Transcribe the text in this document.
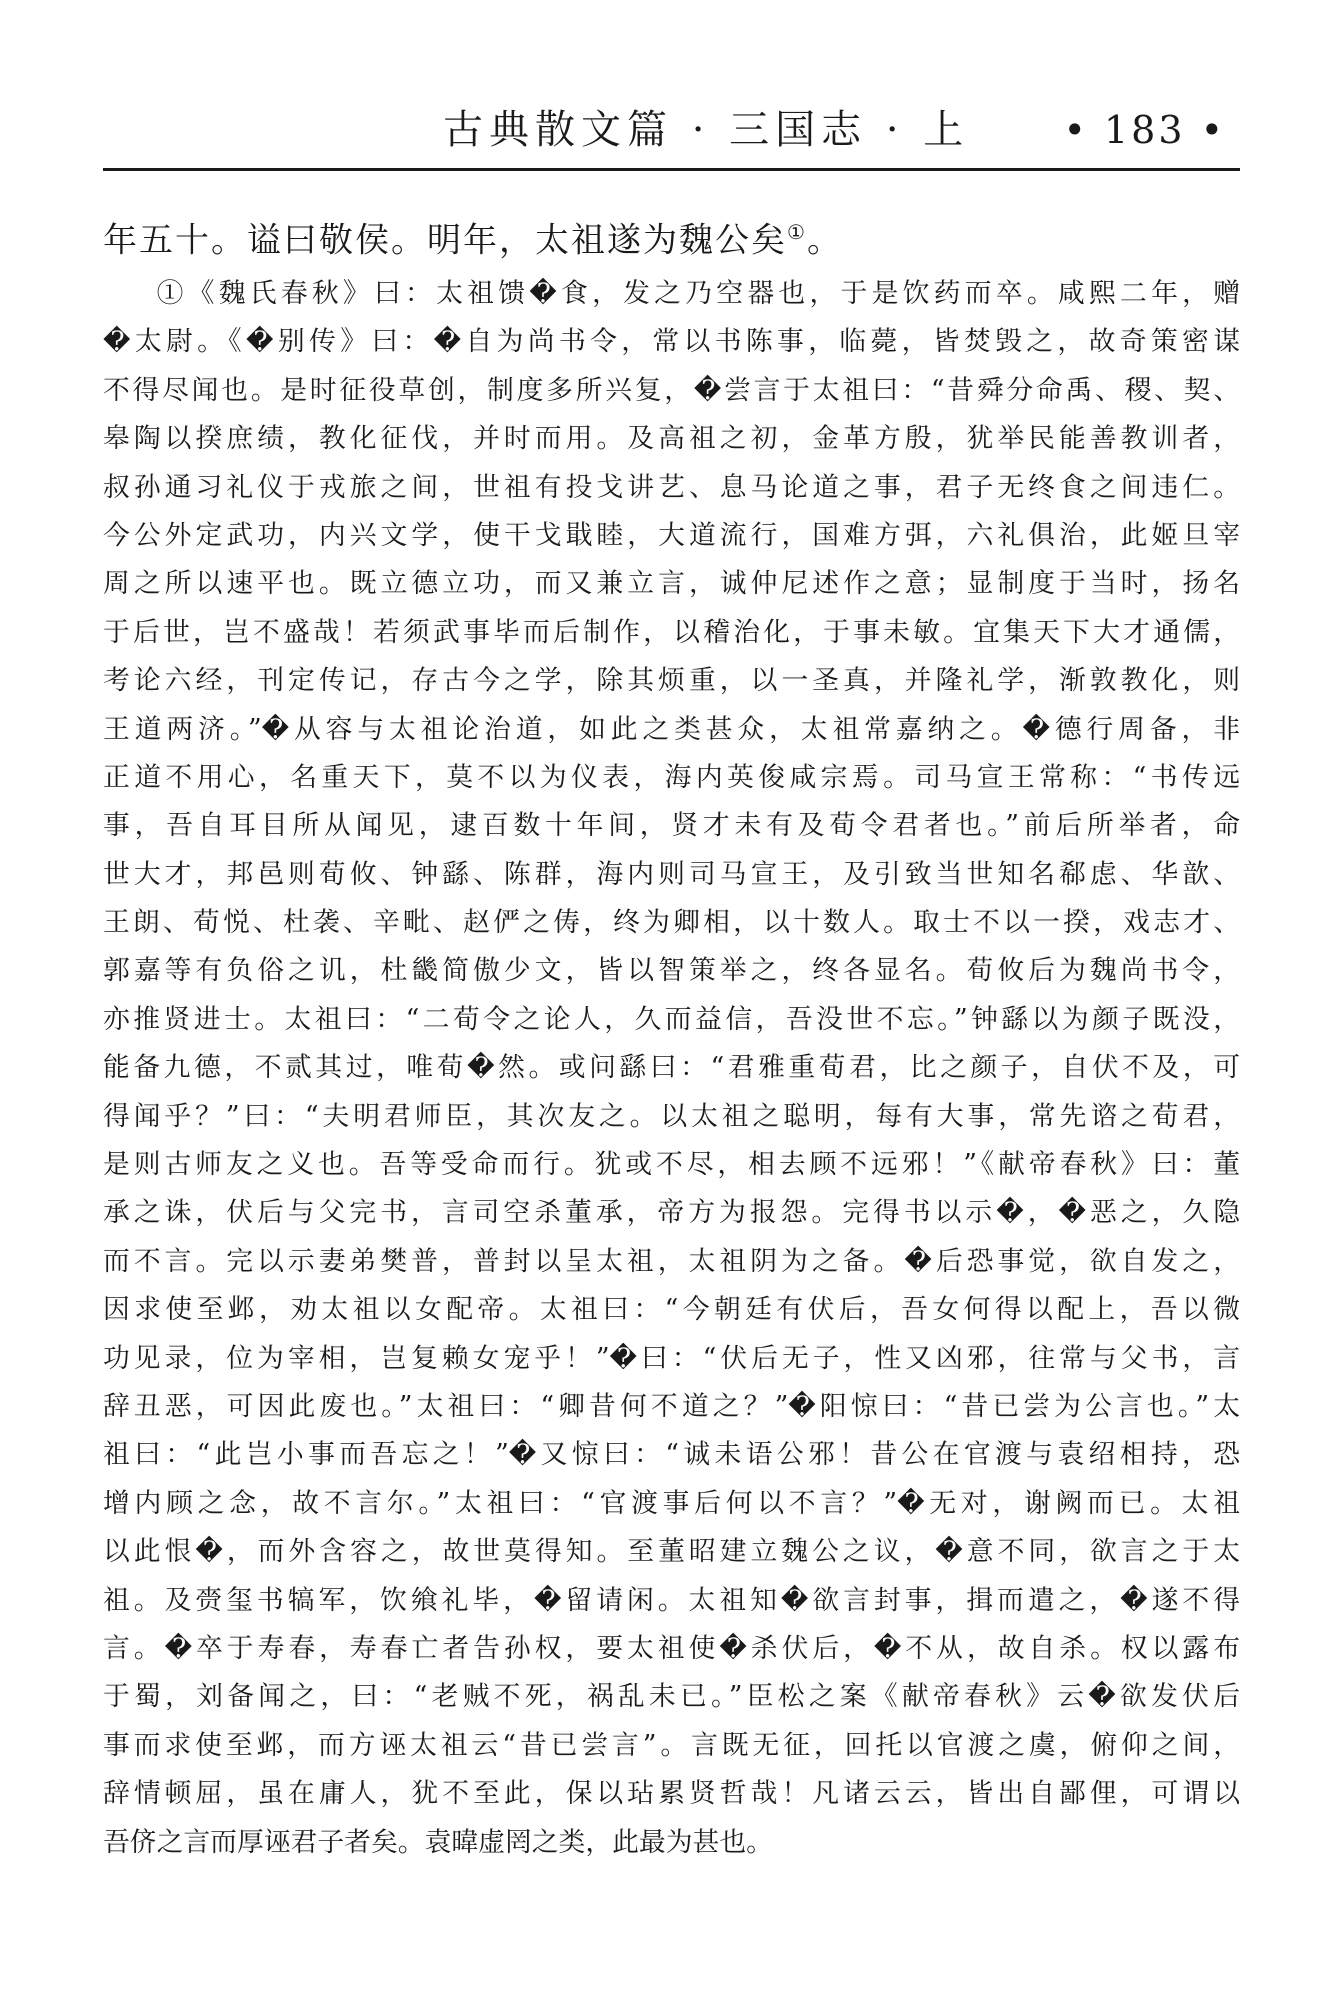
古典散文篇 · 三国志 · 上 • 183 •
年五十。谥曰敬侯。明年，太祖遂为魏公矣①。
①《魏氏春秋》曰：太祖馈�食，发之乃空器也，于是饮药而卒。咸熙二年，赠
�太尉。《�别传》曰：�自为尚书令，常以书陈事，临薨，皆焚毁之，故奇策密谋
不得尽闻也。是时征役草创，制度多所兴复，�尝言于太祖曰：“昔舜分命禹、稷、契、
皋陶以揆庶绩，教化征伐，并时而用。及高祖之初，金革方殷，犹举民能善教训者，
叔孙通习礼仪于戎旅之间，世祖有投戈讲艺、息马论道之事，君子无终食之间违仁。
今公外定武功，内兴文学，使干戈戢睦，大道流行，国难方弭，六礼俱治，此姬旦宰
周之所以速平也。既立德立功，而又兼立言，诚仲尼述作之意；显制度于当时，扬名
于后世，岂不盛哉！若须武事毕而后制作，以稽治化，于事未敏。宜集天下大才通儒，
考论六经，刊定传记，存古今之学，除其烦重，以一圣真，并隆礼学，渐敦教化，则
王道两济。”�从容与太祖论治道，如此之类甚众，太祖常嘉纳之。�德行周备，非
正道不用心，名重天下，莫不以为仪表，海内英俊咸宗焉。司马宣王常称：“书传远
事，吾自耳目所从闻见，逮百数十年间，贤才未有及荀令君者也。”前后所举者，命
世大才，邦邑则荀攸、钟繇、陈群，海内则司马宣王，及引致当世知名郗虑、华歆、
王朗、荀悦、杜袭、辛毗、赵俨之俦，终为卿相，以十数人。取士不以一揆，戏志才、
郭嘉等有负俗之讥，杜畿简傲少文，皆以智策举之，终各显名。荀攸后为魏尚书令，
亦推贤进士。太祖曰：“二荀令之论人，久而益信，吾没世不忘。”钟繇以为颜子既没，
能备九德，不贰其过，唯荀�然。或问繇曰：“君雅重荀君，比之颜子，自伏不及，可
得闻乎？”曰：“夫明君师臣，其次友之。以太祖之聪明，每有大事，常先谘之荀君，
是则古师友之义也。吾等受命而行。犹或不尽，相去顾不远邪！”《献帝春秋》曰：董
承之诛，伏后与父完书，言司空杀董承，帝方为报怨。完得书以示�，�恶之，久隐
而不言。完以示妻弟樊普，普封以呈太祖，太祖阴为之备。�后恐事觉，欲自发之，
因求使至邺，劝太祖以女配帝。太祖曰：“今朝廷有伏后，吾女何得以配上，吾以微
功见录，位为宰相，岂复赖女宠乎！”�曰：“伏后无子，性又凶邪，往常与父书，言
辞丑恶，可因此废也。”太祖曰：“卿昔何不道之？”�阳惊曰：“昔已尝为公言也。”太
祖曰：“此岂小事而吾忘之！”�又惊曰：“诚未语公邪！昔公在官渡与袁绍相持，恐
增内顾之念，故不言尔。”太祖曰：“官渡事后何以不言？”�无对，谢阙而已。太祖
以此恨�，而外含容之，故世莫得知。至董昭建立魏公之议，�意不同，欲言之于太
祖。及赍玺书犒军，饮飨礼毕，�留请闲。太祖知�欲言封事，揖而遣之，�遂不得
言。�卒于寿春，寿春亡者告孙权，要太祖使�杀伏后，�不从，故自杀。权以露布
于蜀，刘备闻之，曰：“老贼不死，祸乱未已。”臣松之案《献帝春秋》云�欲发伏后
事而求使至邺，而方诬太祖云“昔已尝言”。言既无征，回托以官渡之虞，俯仰之间，
辞情顿屈，虽在庸人，犹不至此，保以玷累贤哲哉！凡诸云云，皆出自鄙俚，可谓以
吾侪之言而厚诬君子者矣。袁暐虚罔之类，此最为甚也。
